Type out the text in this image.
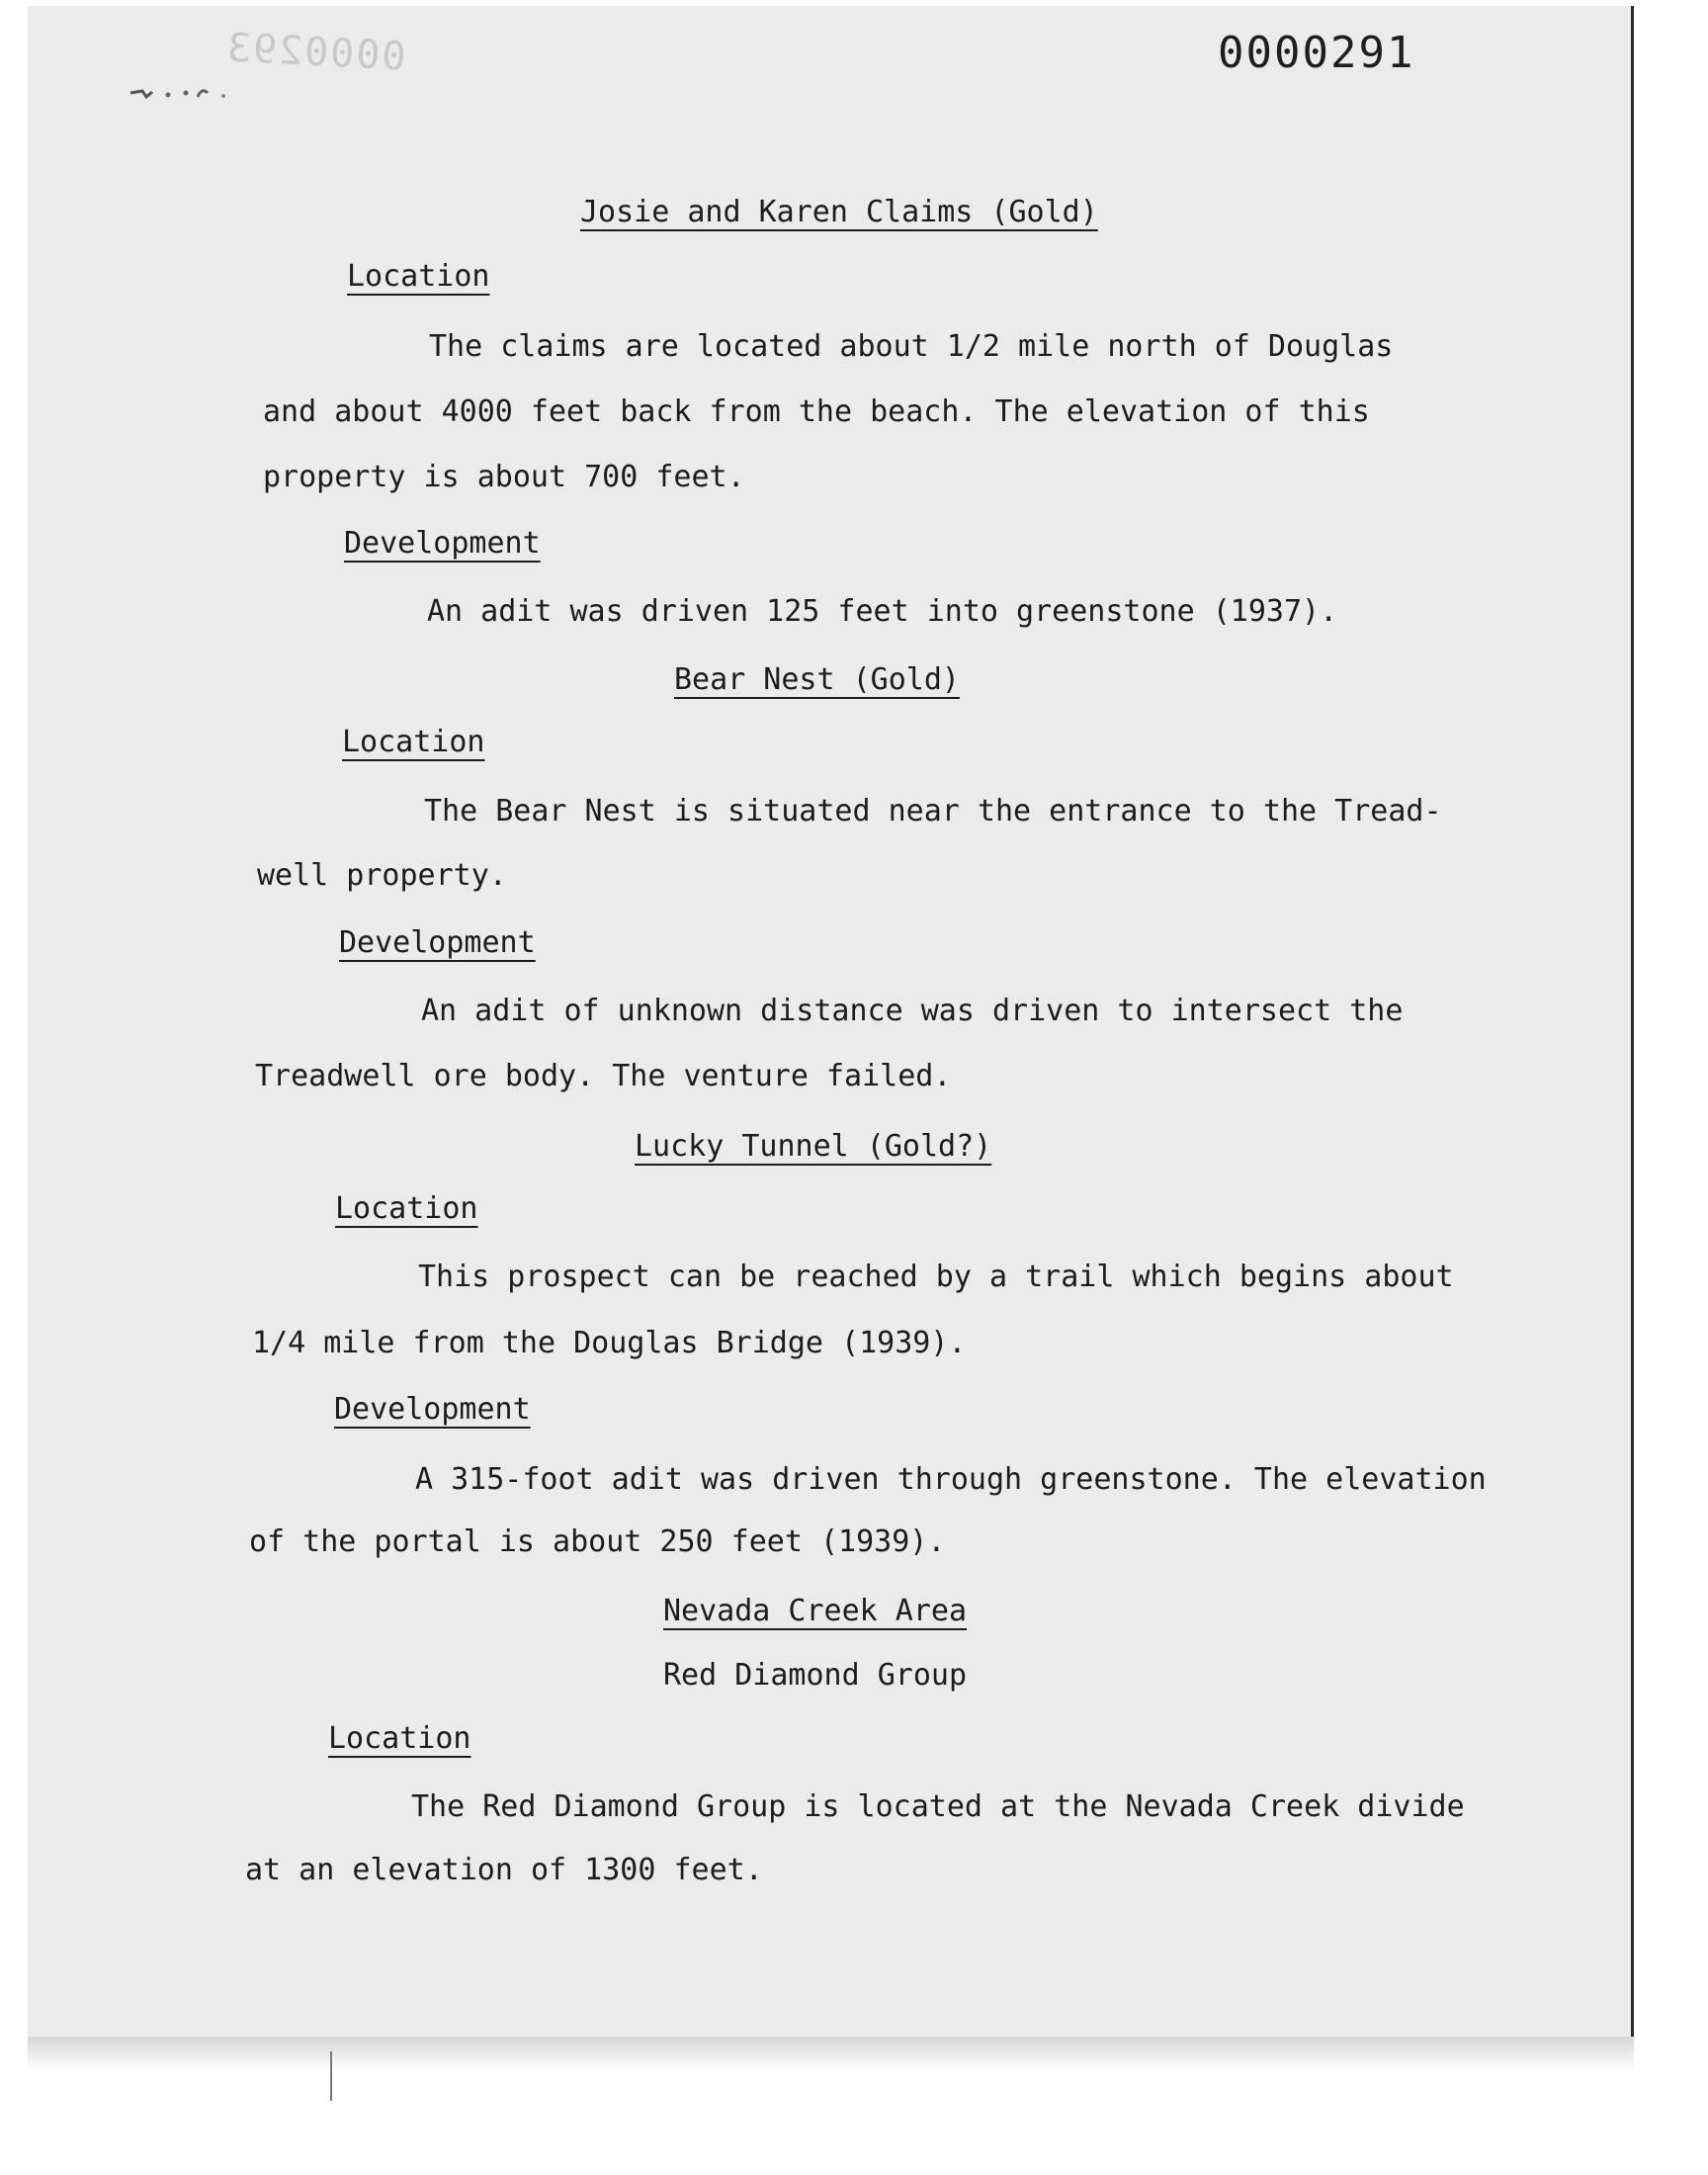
0000291
0000293
Josie and Karen Claims (Gold)
Location
The claims are located about 1/2 mile north of Douglas
and about 4000 feet back from the beach. The elevation of this
property is about 700 feet.
Development
An adit was driven 125 feet into greenstone (1937).
Bear Nest (Gold)
Location
The Bear Nest is situated near the entrance to the Tread-
well property.
Development
An adit of unknown distance was driven to intersect the
Treadwell ore body. The venture failed.
Lucky Tunnel (Gold?)
Location
This prospect can be reached by a trail which begins about
1/4 mile from the Douglas Bridge (1939).
Development
A 315-foot adit was driven through greenstone. The elevation
of the portal is about 250 feet (1939).
Nevada Creek Area
Red Diamond Group
Location
The Red Diamond Group is located at the Nevada Creek divide
at an elevation of 1300 feet.
